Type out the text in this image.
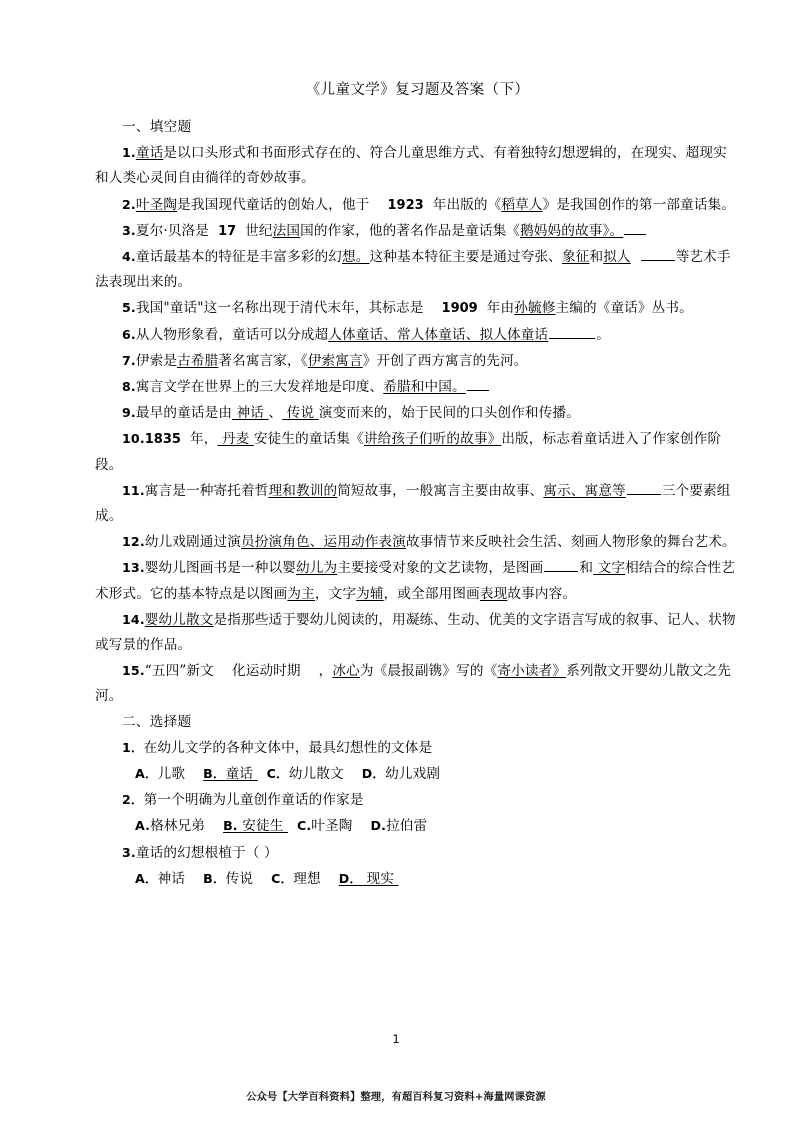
《儿童文学》复习题及答案（下）

一、填空题

1.童话是以口头形式和书面形式存在的、符合儿童思维方式、有着独特幻想逻辑的，在现实、超现实和人类心灵间自由徜徉的奇妙故事。

2.叶圣陶是我国现代童话的创始人，他于 1923 年出版的《稻草人》是我国创作的第一部童话集。

3.夏尔·贝洛是 17 世纪法国国的作家，他的著名作品是童话集《鹅妈妈的故事》。

4.童话最基本的特征是丰富多彩的幻想。这种基本特征主要是通过夸张、象征和拟人	等艺术手法表现出来的。

5.我国"童话"这一名称出现于清代末年，其标志是 1909 年由孙毓修主编的《童话》丛书。

6.从人物形象看，童话可以分成超人体童话、常人体童话、拟人体童话	。

7.伊索是古希腊著名寓言家，《伊索寓言》开创了西方寓言的先河。

8.寓言文学在世界上的三大发祥地是印度、希腊和中国。

9.最早的童话是由 神话 、 传说 演变而来的，始于民间的口头创作和传播。

10.1835 年， 丹麦 安徒生的童话集《讲给孩子们听的故事》出版，标志着童话进入了作家创作阶段。

11.寓言是一种寄托着哲理和教训的简短故事，一般寓言主要由故事、寓示、寓意等	三个要素组成。

12.幼儿戏剧通过演员扮演角色、运用动作表演故事情节来反映社会生活、刻画人物形象的舞台艺术。

13.婴幼儿图画书是一种以婴幼儿为主要接受对象的文艺读物，是图画	和 文字相结合的综合性艺术形式。它的基本特点是以图画为主，文字为辅，或全部用图画表现故事内容。

14.婴幼儿散文是指那些适于婴幼儿阅读的，用凝练、生动、优美的文字语言写成的叙事、记人、状物或写景的作品。

15.“五四”新文 化运动时期 ，冰心为《晨报副镌》写的《寄小读者》系列散文开婴幼儿散文之先河。

二、选择题

1．在幼儿文学的各种文体中，最具幻想性的文体是

A．儿歌 B．童话 C．幼儿散文 D．幼儿戏剧

2．第一个明确为儿童创作童话的作家是

A.格林兄弟 B. 安徒生 C.叶圣陶 D.拉伯雷

3.童话的幻想根植于（ ）

A．神话 B．传说 C．理想 D． 现实

1
公众号【大学百科资料】整理，有超百科复习资料+海量网课资源
